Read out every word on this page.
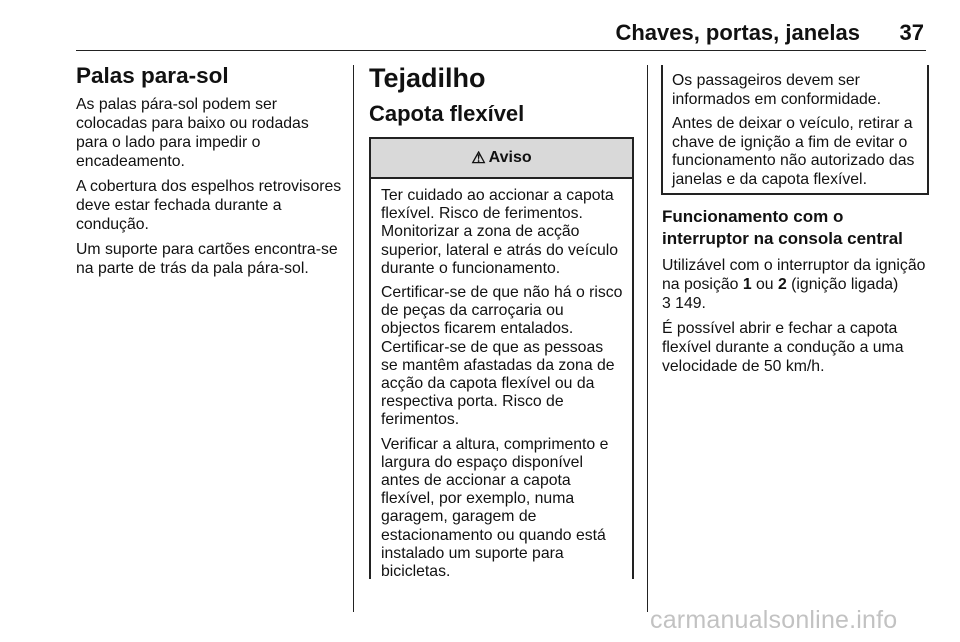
Chaves, portas, janelas	37
Palas para-sol

As palas pára-sol podem ser colocadas para baixo ou rodadas para o lado para impedir o encadeamento.

A cobertura dos espelhos retrovisores deve estar fechada durante a condução.

Um suporte para cartões encontra-se na parte de trás da pala pára-sol.

Tejadilho
Capota flexível
⚠ Aviso

Ter cuidado ao accionar a capota flexível. Risco de ferimentos. Monitorizar a zona de acção superior, lateral e atrás do veículo durante o funcionamento.

Certificar-se de que não há o risco de peças da carroçaria ou objectos ficarem entalados. Certificar-se de que as pessoas se mantêm afastadas da zona de acção da capota flexível ou da respectiva porta. Risco de ferimentos.

Verificar a altura, comprimento e largura do espaço disponível antes de accionar a capota flexível, por exemplo, numa garagem, garagem de estacionamento ou quando está instalado um suporte para bicicletas.

Os passageiros devem ser informados em conformidade.

Antes de deixar o veículo, retirar a chave de ignição a fim de evitar o funcionamento não autorizado das janelas e da capota flexível.

Funcionamento com o interruptor na consola central

Utilizável com o interruptor da ignição na posição 1 ou 2 (ignição ligada)
3 149.

É possível abrir e fechar a capota flexível durante a condução a uma velocidade de 50 km/h.

carmanualsonline.info
